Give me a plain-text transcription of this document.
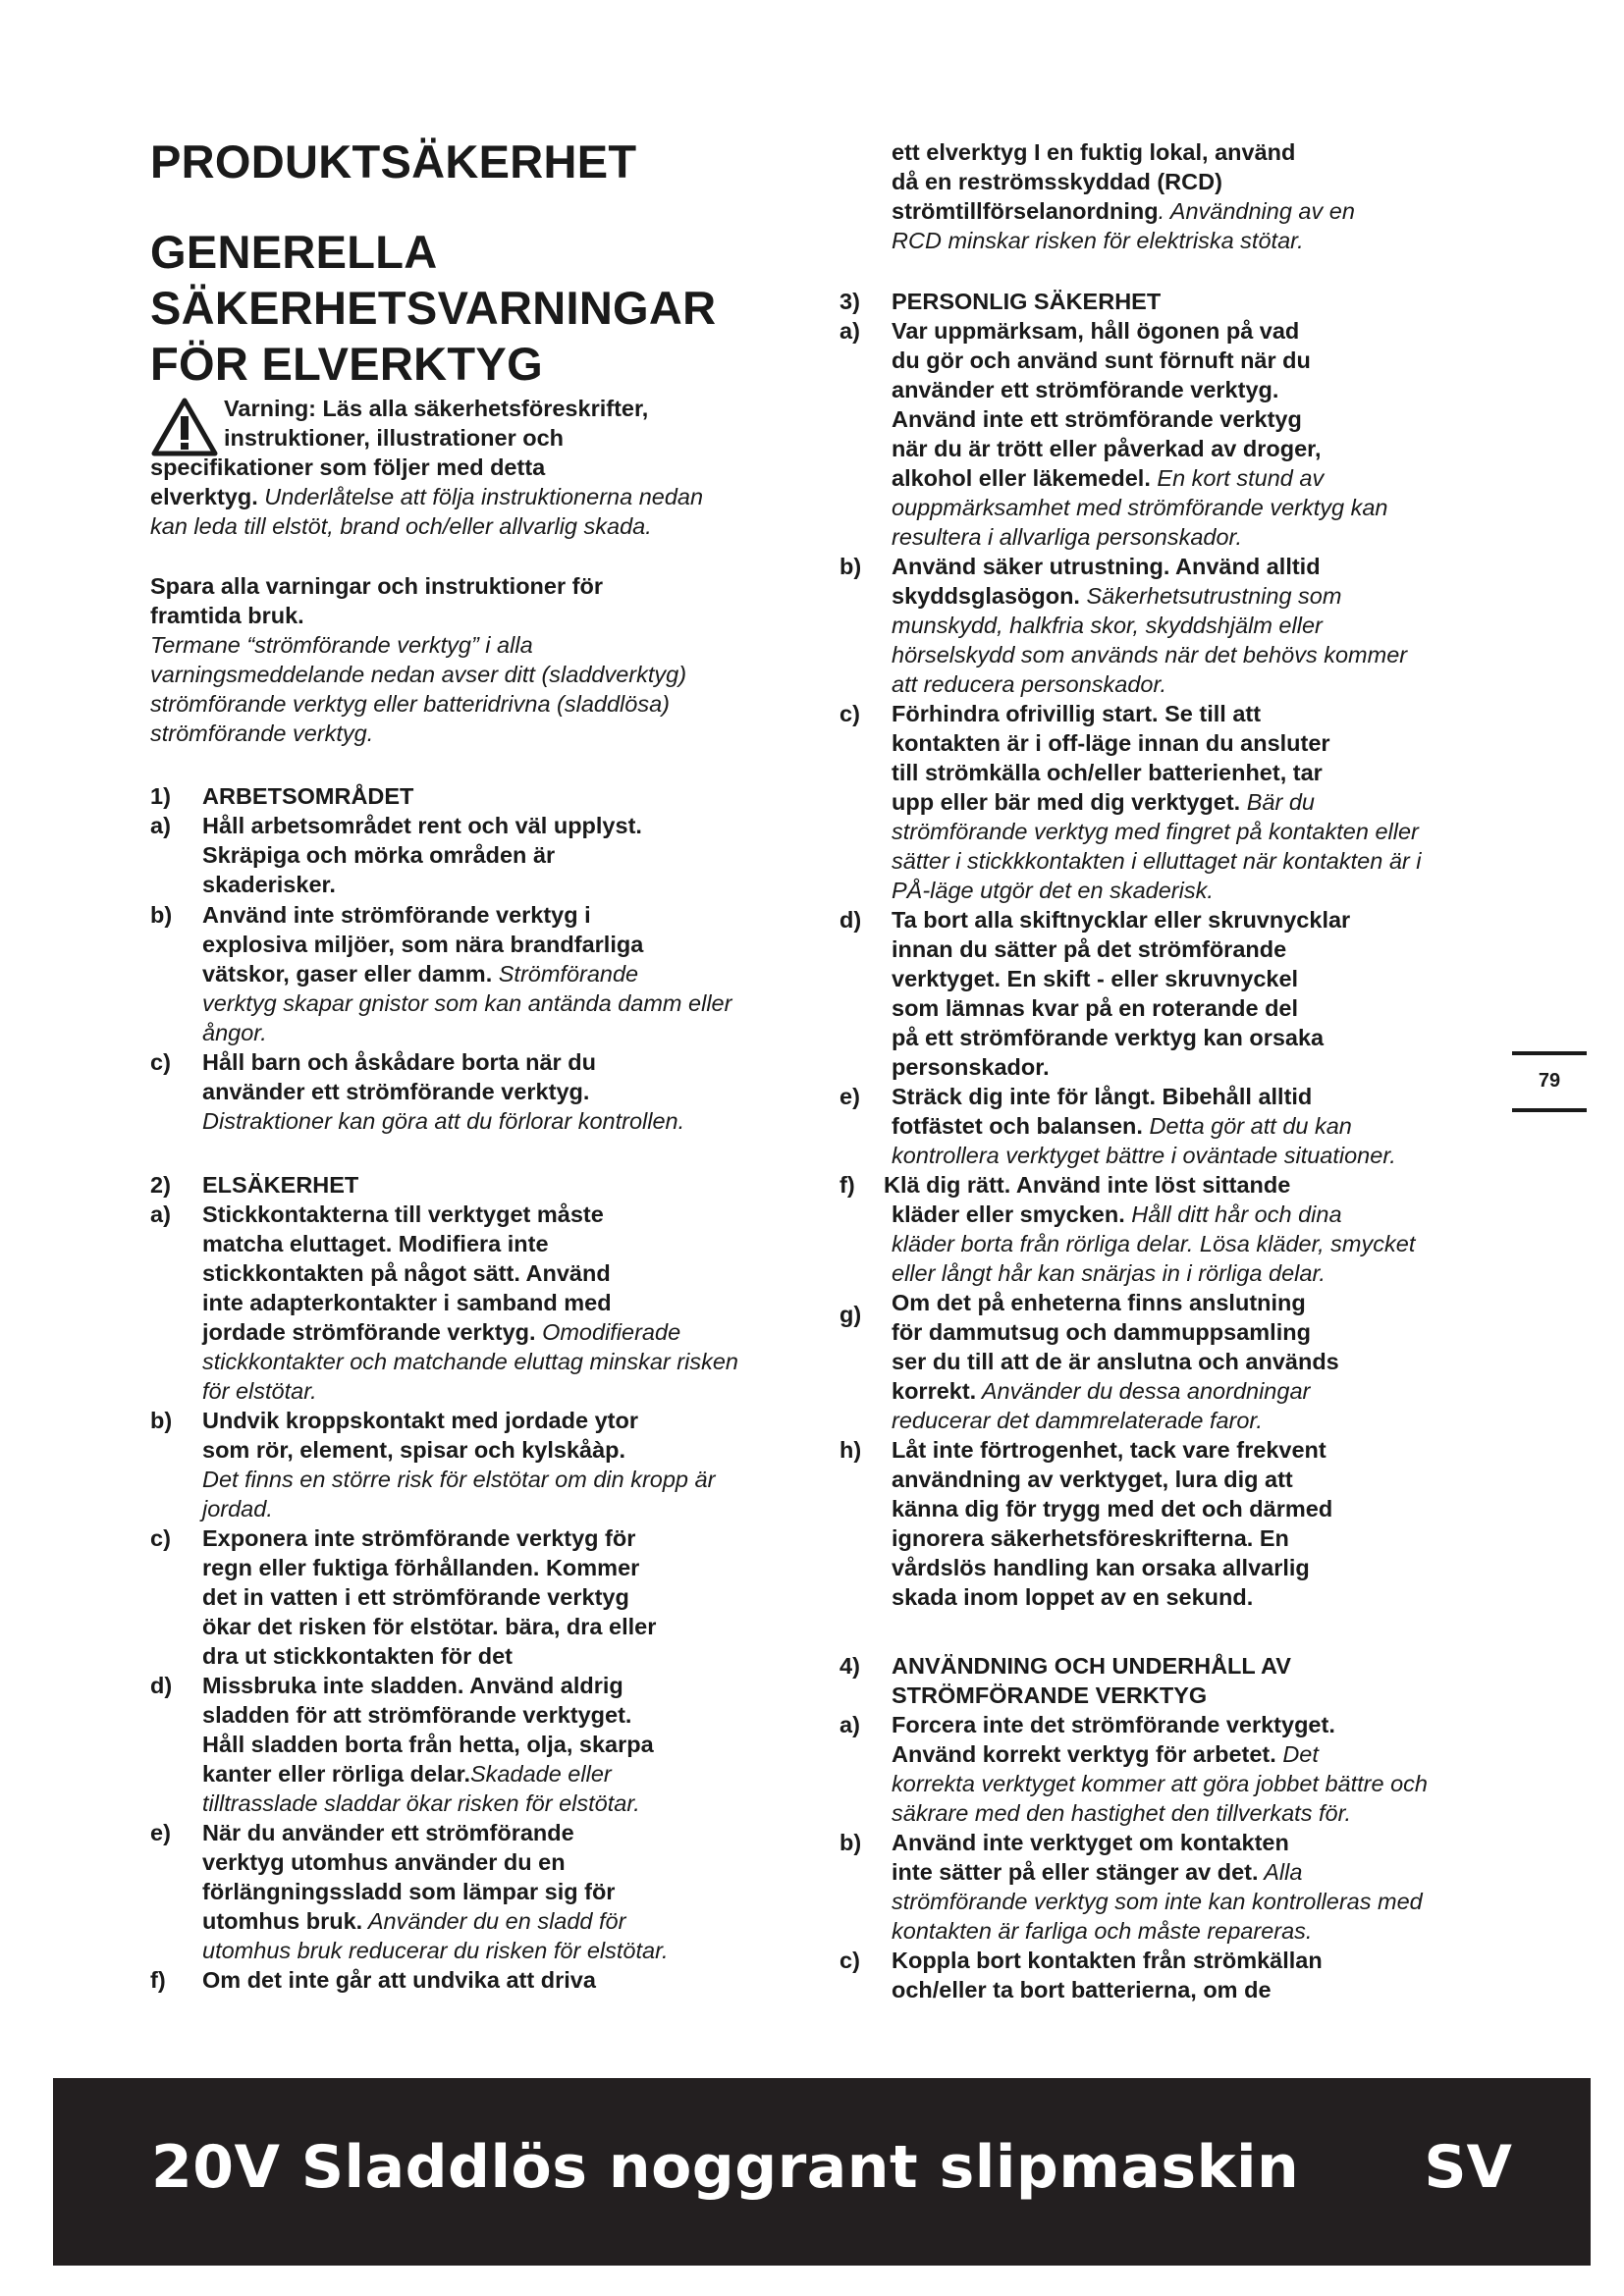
PRODUKTSÄKERHET
GENERELLA
SÄKERHETSVARNINGAR
FÖR ELVERKTYG
Varning: Läs alla säkerhetsföreskrifter,
instruktioner, illustrationer och
specifikationer som följer med detta
elverktyg. Underlåtelse att följa instruktionerna nedan
kan leda till elstöt, brand och/eller allvarlig skada.
Spara alla varningar och instruktioner för
framtida bruk.
Termane “strömförande verktyg” i alla
varningsmeddelande nedan avser ditt (sladdverktyg)
strömförande verktyg eller batteridrivna (sladdlösa)
strömförande verktyg.
1) ARBETSOMRÅDET
a) Håll arbetsområdet rent och väl upplyst.
Skräpiga och mörka områden är
skaderisker.
b) Använd inte strömförande verktyg i
explosiva miljöer, som nära brandfarliga
vätskor, gaser eller damm. Strömförande
verktyg skapar gnistor som kan antända damm eller
ångor.
c) Håll barn och åskådare borta när du
använder ett strömförande verktyg.
Distraktioner kan göra att du förlorar kontrollen.
2) ELSÄKERHET
a) Stickkontakterna till verktyget måste
matcha eluttaget. Modifiera inte
stickkontakten på något sätt. Använd
inte adapterkontakter i samband med
jordade strömförande verktyg. Omodifierade
stickkontakter och matchande eluttag minskar risken
för elstötar.
b) Undvik kroppskontakt med jordade ytor
som rör, element, spisar och kylskåàp.
Det finns en större risk för elstötar om din kropp är
jordad.
c) Exponera inte strömförande verktyg för
regn eller fuktiga förhållanden. Kommer
det in vatten i ett strömförande verktyg
ökar det risken för elstötar. bära, dra eller
dra ut stickkontakten för det
d) Missbruka inte sladden. Använd aldrig
sladden för att strömförande verktyget.
Håll sladden borta från hetta, olja, skarpa
kanter eller rörliga delar.Skadade eller
tilltrasslade sladdar ökar risken för elstötar.
e) När du använder ett strömförande
verktyg utomhus använder du en
förlängningssladd som lämpar sig för
utomhus bruk. Använder du en sladd för
utomhus bruk reducerar du risken för elstötar.
f) Om det inte går att undvika att driva
ett elverktyg I en fuktig lokal, använd
då en reströmsskyddad (RCD)
strömtillförselanordning. Användning av en
RCD minskar risken för elektriska stötar.
3) PERSONLIG SÄKERHET
a) Var uppmärksam, håll ögonen på vad
du gör och använd sunt förnuft när du
använder ett strömförande verktyg.
Använd inte ett strömförande verktyg
när du är trött eller påverkad av droger,
alkohol eller läkemedel. En kort stund av
ouppmärksamhet med strömförande verktyg kan
resultera i allvarliga personskador.
b) Använd säker utrustning. Använd alltid
skyddsglasögon. Säkerhetsutrustning som
munskydd, halkfria skor, skyddshjälm eller
hörselskydd som används när det behövs kommer
att reducera personskador.
c) Förhindra ofrivillig start. Se till att
kontakten är i off-läge innan du ansluter
till strömkälla och/eller batterienhet, tar
upp eller bär med dig verktyget. Bär du
strömförande verktyg med fingret på kontakten eller
sätter i stickkkontakten i elluttaget när kontakten är i
PÅ-läge utgör det en skaderisk.
d) Ta bort alla skiftnycklar eller skruvnycklar
innan du sätter på det strömförande
verktyget. En skift - eller skruvnyckel
som lämnas kvar på en roterande del
på ett strömförande verktyg kan orsaka
personskador.
e) Sträck dig inte för långt. Bibehåll alltid
fotfästet och balansen. Detta gör att du kan
kontrollera verktyget bättre i oväntade situationer.
f) Klä dig rätt. Använd inte löst sittande
kläder eller smycken. Håll ditt hår och dina
kläder borta från rörliga delar. Lösa kläder, smycket
eller långt hår kan snärjas in i rörliga delar.
g) Om det på enheterna finns anslutning
för dammutsug och dammuppsamling
ser du till att de är anslutna och används
korrekt. Använder du dessa anordningar
reducerar det dammrelaterade faror.
h) Låt inte förtrogenhet, tack vare frekvent
användning av verktyget, lura dig att
känna dig för trygg med det och därmed
ignorera säkerhetsföreskrifterna. En
vårdslös handling kan orsaka allvarlig
skada inom loppet av en sekund.
4) ANVÄNDNING OCH UNDERHÅLL AV
STRÖMFÖRANDE VERKTYG
a) Forcera inte det strömförande verktyget.
Använd korrekt verktyg för arbetet. Det
korrekta verktyget kommer att göra jobbet bättre och
säkrare med den hastighet den tillverkats för.
b) Använd inte verktyget om kontakten
inte sätter på eller stänger av det. Alla
strömförande verktyg som inte kan kontrolleras med
kontakten är farliga och måste repareras.
c) Koppla bort kontakten från strömkällan
och/eller ta bort batterierna, om de
79
20V Sladdlös noggrant slipmaskin SV
